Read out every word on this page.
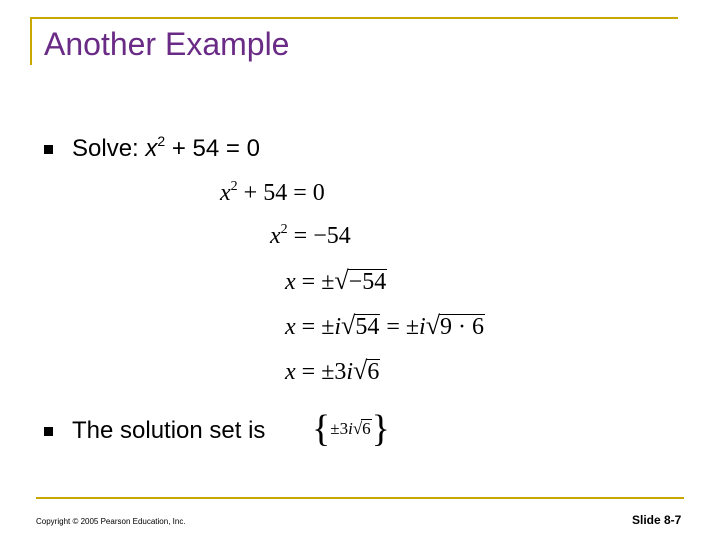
Another Example
Solve: $x^2 + 54 = 0$
$x^2 + 54 = 0$
$x^2 = -54$
x = ±√−54
x = ±i√54 = ±i√9 · 6
x = ±3i√6
The solution set is {±3i√6}
Copyright © 2005 Pearson Education, Inc.	Slide 8-7
